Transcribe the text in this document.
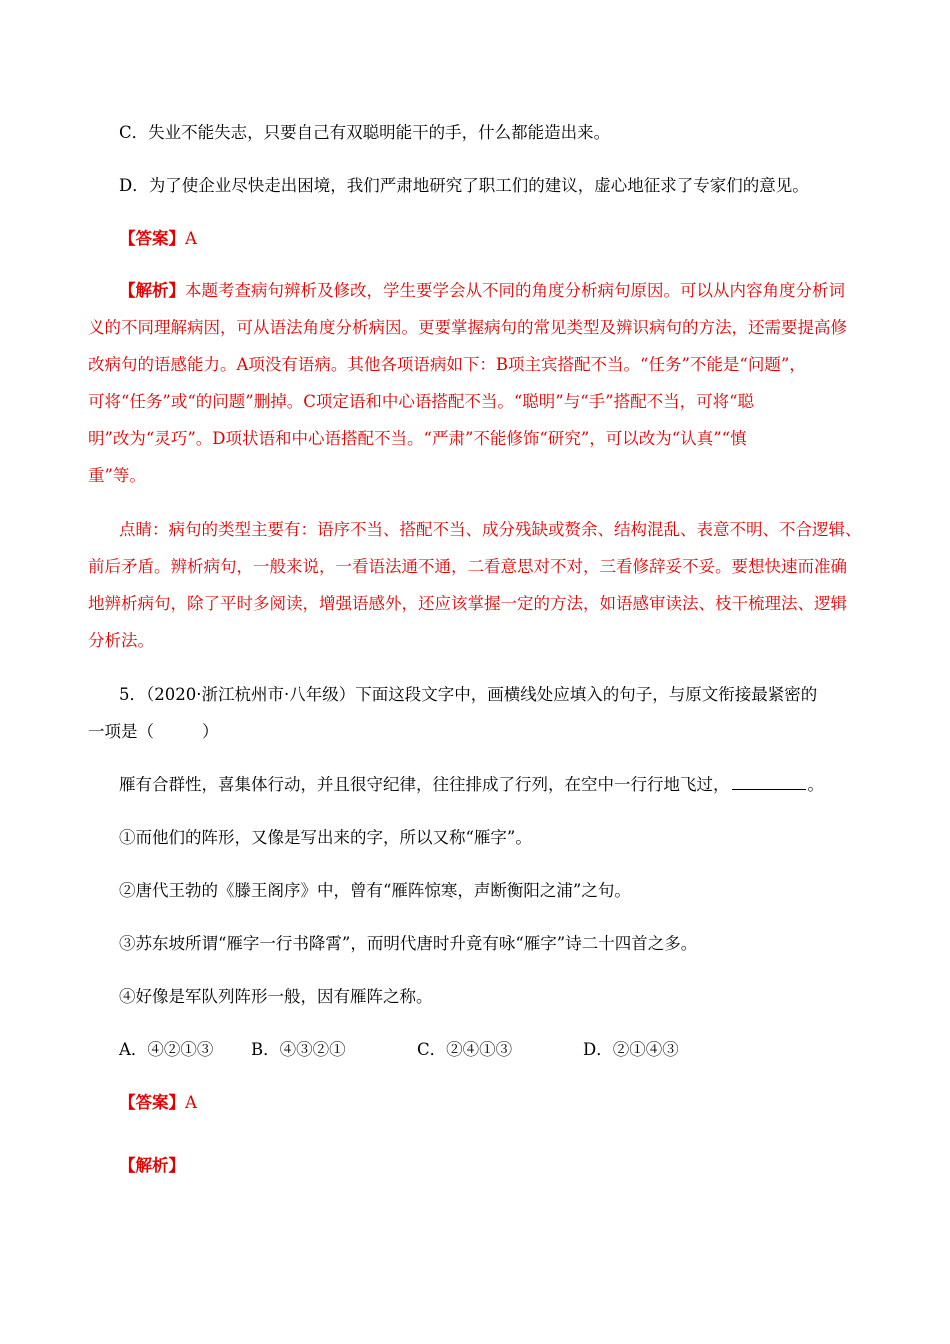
C．失业不能失志，只要自己有双聪明能干的手，什么都能造出来。
D．为了使企业尽快走出困境，我们严肃地研究了职工们的建议，虚心地征求了专家们的意见。
【答案】A
【解析】本题考查病句辨析及修改，学生要学会从不同的角度分析病句原因。可以从内容角度分析词
义的不同理解病因，可从语法角度分析病因。更要掌握病句的常见类型及辨识病句的方法，还需要提高修
改病句的语感能力。A项没有语病。其他各项语病如下：B项主宾搭配不当。“任务”不能是“问题”，
可将“任务”或“的问题”删掉。C项定语和中心语搭配不当。“聪明”与“手”搭配不当，可将“聪
明”改为“灵巧”。D项状语和中心语搭配不当。“严肃”不能修饰“研究”，可以改为“认真”“慎
重”等。
点睛：病句的类型主要有：语序不当、搭配不当、成分残缺或赘余、结构混乱、表意不明、不合逻辑、
前后矛盾。辨析病句，一般来说，一看语法通不通，二看意思对不对，三看修辞妥不妥。要想快速而准确
地辨析病句，除了平时多阅读，增强语感外，还应该掌握一定的方法，如语感审读法、枝干梳理法、逻辑
分析法。
5．（2020·浙江杭州市·八年级）下面这段文字中，画横线处应填入的句子，与原文衔接最紧密的
一项是（	）
雁有合群性，喜集体行动，并且很守纪律，往往排成了行列，在空中一行行地飞过，	。
①而他们的阵形，又像是写出来的字，所以又称“雁字”。
②唐代王勃的《滕王阁序》中，曾有“雁阵惊寒，声断衡阳之浦”之句。
③苏东坡所谓“雁字一行书降霄”，而明代唐时升竟有咏“雁字”诗二十四首之多。
④好像是军队列阵形一般，因有雁阵之称。
A．④②①③ B．④③②①	C．②④①③	D．②①④③
【答案】A
【解析】
